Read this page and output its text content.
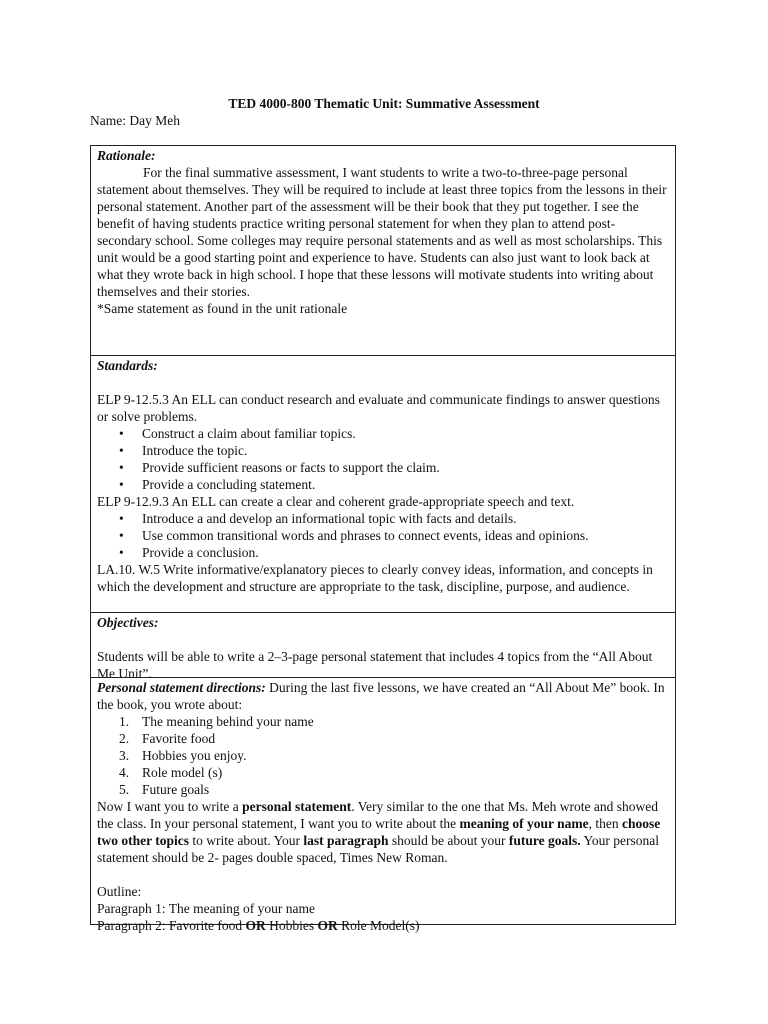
TED 4000-800 Thematic Unit: Summative Assessment
Name: Day Meh
Rationale:

For the final summative assessment, I want students to write a two-to-three-page personal statement about themselves. They will be required to include at least three topics from the lessons in their personal statement. Another part of the assessment will be their book that they put together. I see the benefit of having students practice writing personal statement for when they plan to attend post-secondary school. Some colleges may require personal statements and as well as most scholarships. This unit would be a good starting point and experience to have. Students can also just want to look back at what they wrote back in high school. I hope that these lessons will motivate students into writing about themselves and their stories.

*Same statement as found in the unit rationale

Standards:

ELP 9-12.5.3 An ELL can conduct research and evaluate and communicate findings to answer questions or solve problems.

• Construct a claim about familiar topics.
• Introduce the topic.
• Provide sufficient reasons or facts to support the claim.
• Provide a concluding statement.

ELP 9-12.9.3 An ELL can create a clear and coherent grade-appropriate speech and text.

• Introduce a and develop an informational topic with facts and details.
• Use common transitional words and phrases to connect events, ideas and opinions.
• Provide a conclusion.

LA.10. W.5 Write informative/explanatory pieces to clearly convey ideas, information, and concepts in which the development and structure are appropriate to the task, discipline, purpose, and audience.

Objectives:

Students will be able to write a 2–3-page personal statement that includes 4 topics from the “All About Me Unit”.

Personal statement directions: During the last five lessons, we have created an “All About Me” book. In the book, you wrote about:

1. The meaning behind your name
2. Favorite food
3. Hobbies you enjoy.
4. Role model (s)
5. Future goals

Now I want you to write a personal statement. Very similar to the one that Ms. Meh wrote and showed the class. In your personal statement, I want you to write about the meaning of your name, then choose two other topics to write about. Your last paragraph should be about your future goals. Your personal statement should be 2- pages double spaced, Times New Roman.

Outline:

Paragraph 1: The meaning of your name

Paragraph 2: Favorite food OR Hobbies OR Role Model(s)
